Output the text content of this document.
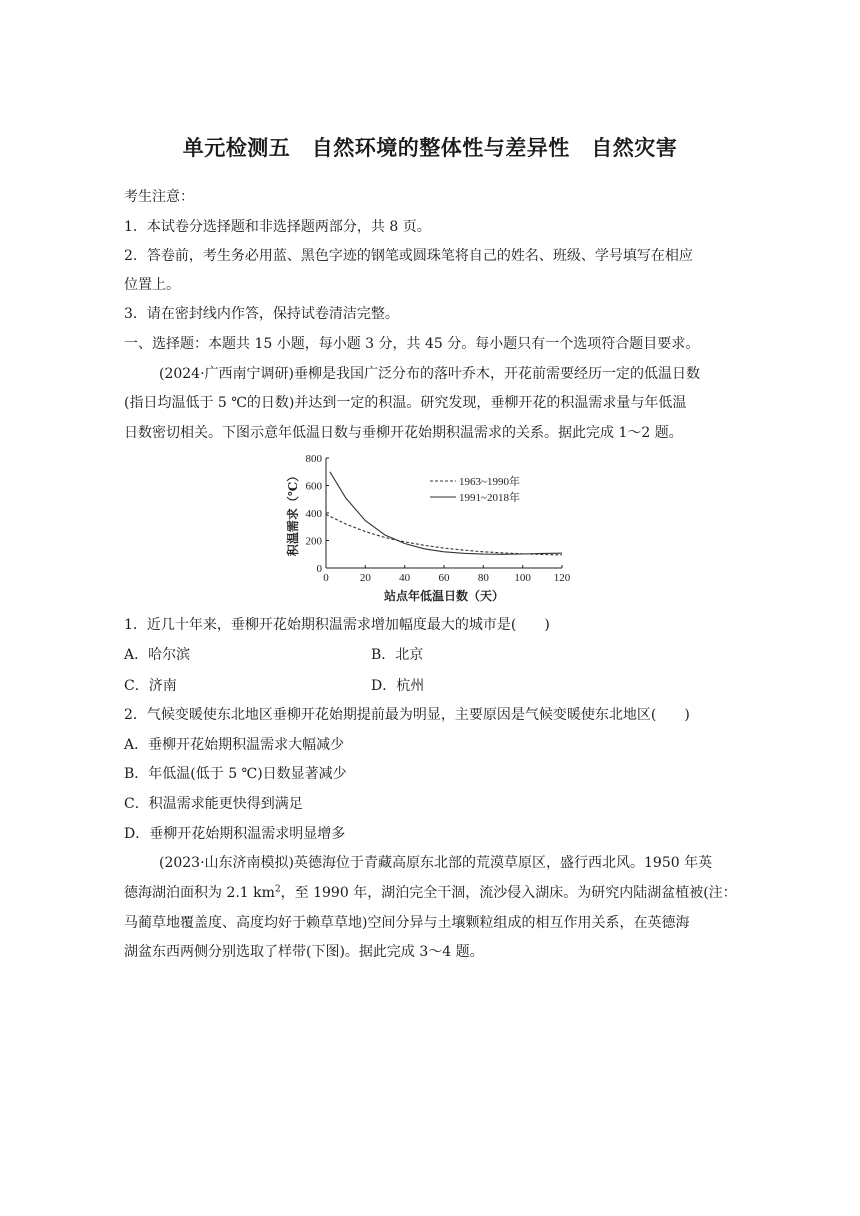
单元检测五　自然环境的整体性与差异性　自然灾害
考生注意：
1．本试卷分选择题和非选择题两部分，共 8 页。
2．答卷前，考生务必用蓝、黑色字迹的钢笔或圆珠笔将自己的姓名、班级、学号填写在相应
位置上。
3．请在密封线内作答，保持试卷清洁完整。
一、选择题：本题共 15 小题，每小题 3 分，共 45 分。每小题只有一个选项符合题目要求。
(2024·广西南宁调研)垂柳是我国广泛分布的落叶乔木，开花前需要经历一定的低温日数
(指日均温低于 5 ℃的日数)并达到一定的积温。研究发现，垂柳开花的积温需求量与年低温
日数密切相关。下图示意年低温日数与垂柳开花始期积温需求的关系。据此完成 1～2 题。
0	20	40	60	80 100 120
0
200
400
600
800
站点年低温日数（天）
积温需求（℃）	1963~1990年
1991~2018年
1．近几十年来，垂柳开花始期积温需求增加幅度最大的城市是(　　)
A．哈尔滨	B．北京
C．济南	D．杭州
2．气候变暖使东北地区垂柳开花始期提前最为明显，主要原因是气候变暖使东北地区(　　)
A．垂柳开花始期积温需求大幅减少
B．年低温(低于 5 ℃)日数显著减少
C．积温需求能更快得到满足
D．垂柳开花始期积温需求明显增多
(2023·山东济南模拟)英德海位于青藏高原东北部的荒漠草原区，盛行西北风。1950 年英
德海湖泊面积为 2.1 $km^2$，至 1990 年，湖泊完全干涸，流沙侵入湖床。为研究内陆湖盆植被(注：
马蔺草地覆盖度、高度均好于赖草草地)空间分异与土壤颗粒组成的相互作用关系，在英德海
湖盆东西两侧分别选取了样带(下图)。据此完成 3～4 题。
